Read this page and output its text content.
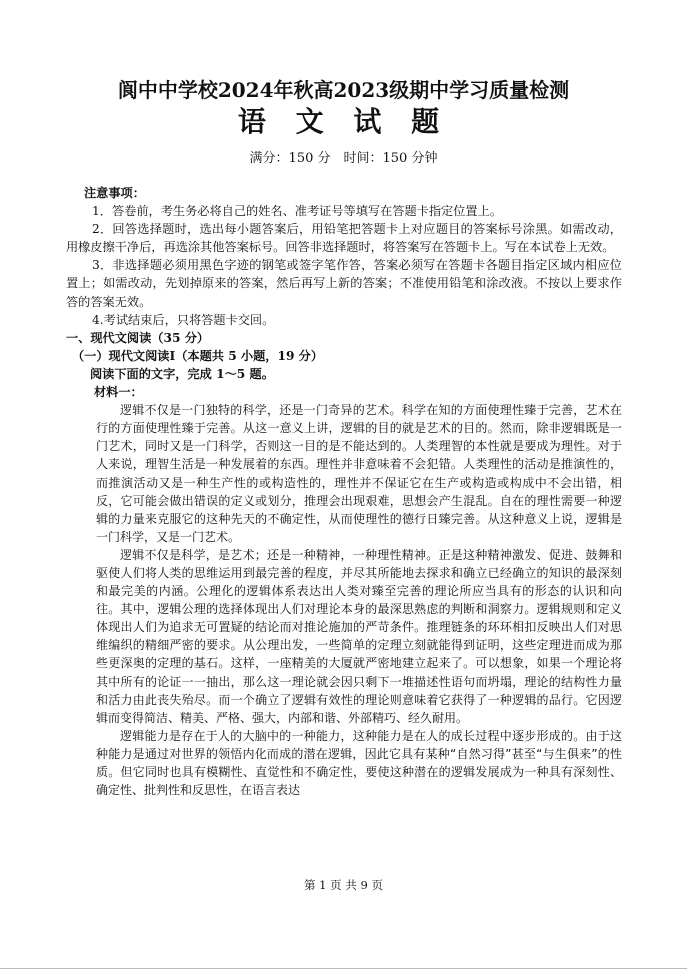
阆中中学校2024年秋高2023级期中学习质量检测
语 文 试 题
满分：150 分　时间：150 分钟
注意事项：

1．答卷前，考生务必将自己的姓名、准考证号等填写在答题卡指定位置上。

2．回答选择题时，选出每小题答案后，用铅笔把答题卡上对应题目的答案标号涂黑。如需改动，用橡皮擦干净后，再选涂其他答案标号。回答非选择题时，将答案写在答题卡上。写在本试卷上无效。

3．非选择题必须用黑色字迹的钢笔或签字笔作答，答案必须写在答题卡各题目指定区域内相应位置上；如需改动，先划掉原来的答案，然后再写上新的答案；不准使用铅笔和涂改液。不按以上要求作答的答案无效。

4.考试结束后，只将答题卡交回。

一、现代文阅读（35 分）
（一）现代文阅读Ⅰ（本题共 5 小题，19 分）
阅读下面的文字，完成 1～5 题。
材料一：

逻辑不仅是一门独特的科学，还是一门奇异的艺术。科学在知的方面使理性臻于完善，艺术在行的方面使理性臻于完善。从这一意义上讲，逻辑的目的就是艺术的目的。然而，除非逻辑既是一门艺术，同时又是一门科学，否则这一目的是不能达到的。人类理智的本性就是要成为理性。对于人来说，理智生活是一种发展着的东西。理性并非意味着不会犯错。人类理性的活动是推演性的，而推演活动又是一种生产性的或构造性的，理性并不保证它在生产或构造或构成中不会出错，相反，它可能会做出错误的定义或划分，推理会出现艰难，思想会产生混乱。自在的理性需要一种逻辑的力量来克服它的这种先天的不确定性，从而使理性的德行日臻完善。从这种意义上说，逻辑是一门科学，又是一门艺术。

逻辑不仅是科学，是艺术；还是一种精神，一种理性精神。正是这种精神激发、促进、鼓舞和驱使人们将人类的思维运用到最完善的程度，并尽其所能地去探求和确立已经确立的知识的最深刻和最完美的内涵。公理化的逻辑体系表达出人类对臻至完善的理论所应当具有的形态的认识和向往。其中，逻辑公理的选择体现出人们对理论本身的最深思熟虑的判断和洞察力。逻辑规则和定义体现出人们为追求无可置疑的结论而对推论施加的严苛条件。推理链条的环环相扣反映出人们对思维编织的精细严密的要求。从公理出发，一些简单的定理立刻就能得到证明，这些定理进而成为那些更深奥的定理的基石。这样，一座精美的大厦就严密地建立起来了。可以想象，如果一个理论将其中所有的论证一一抽出，那么这一理论就会因只剩下一堆描述性语句而坍塌，理论的结构性力量和活力由此丧失殆尽。而一个确立了逻辑有效性的理论则意味着它获得了一种逻辑的品行。它因逻辑而变得简洁、精美、严格、强大，内部和谐、外部精巧、经久耐用。

逻辑能力是存在于人的大脑中的一种能力，这种能力是在人的成长过程中逐步形成的。由于这种能力是通过对世界的领悟内化而成的潜在逻辑，因此它具有某种“自然习得”甚至“与生俱来”的性质。但它同时也具有模糊性、直觉性和不确定性，要使这种潜在的逻辑发展成为一种具有深刻性、确定性、批判性和反思性，在语言表达

第 1 页 共 9 页
